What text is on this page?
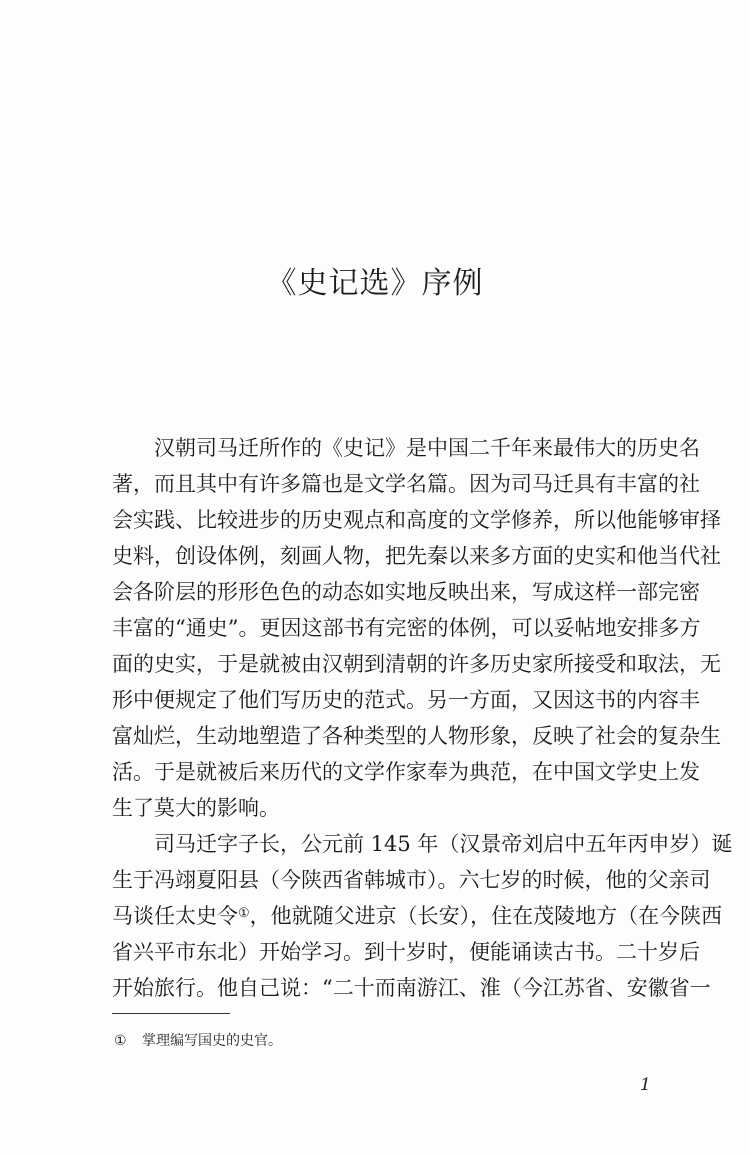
《史记选》序例
汉朝司马迁所作的《史记》是中国二千年来最伟大的历史名
著，而且其中有许多篇也是文学名篇。因为司马迁具有丰富的社
会实践、比较进步的历史观点和高度的文学修养，所以他能够审择
史料，创设体例，刻画人物，把先秦以来多方面的史实和他当代社
会各阶层的形形色色的动态如实地反映出来，写成这样一部完密
丰富的“通史”。更因这部书有完密的体例，可以妥帖地安排多方
面的史实，于是就被由汉朝到清朝的许多历史家所接受和取法，无
形中便规定了他们写历史的范式。另一方面，又因这书的内容丰
富灿烂，生动地塑造了各种类型的人物形象，反映了社会的复杂生
活。于是就被后来历代的文学作家奉为典范，在中国文学史上发
生了莫大的影响。
司马迁字子长，公元前 145 年（汉景帝刘启中五年丙申岁）诞
生于冯翊夏阳县（今陕西省韩城市）。六七岁的时候，他的父亲司
马谈任太史令①，他就随父进京（长安），住在茂陵地方（在今陕西
省兴平市东北）开始学习。到十岁时，便能诵读古书。二十岁后
开始旅行。他自己说：“二十而南游江、淮（今江苏省、安徽省一
① 掌理编写国史的史官。
1
